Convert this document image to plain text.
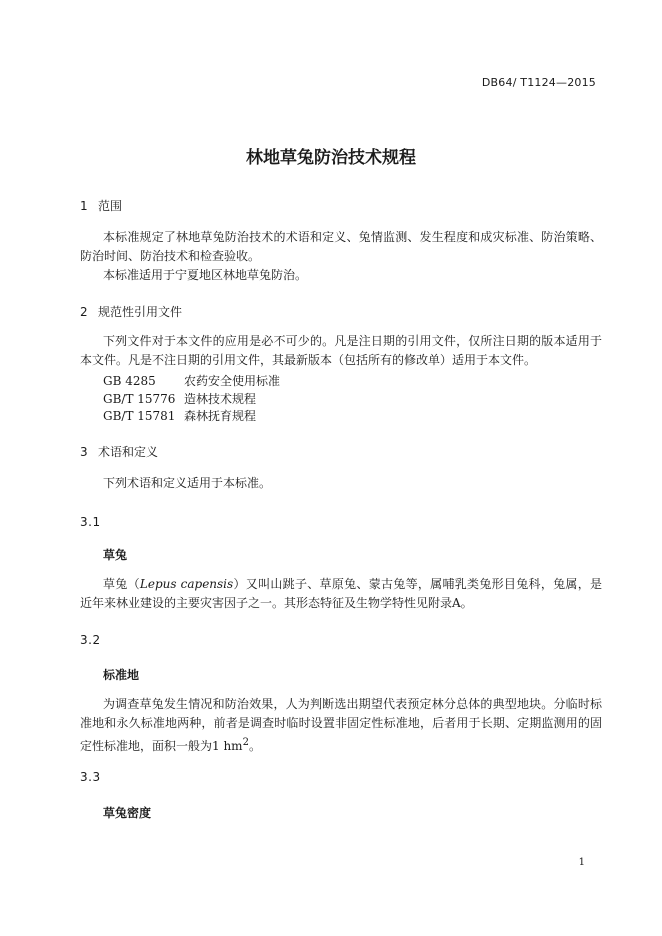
DB64/ T1124—2015
林地草兔防治技术规程
1 范围

本标准规定了林地草兔防治技术的术语和定义、兔情监测、发生程度和成灾标准、防治策略、防治时间、防治技术和检查验收。

本标准适用于宁夏地区林地草兔防治。

2 规范性引用文件

下列文件对于本文件的应用是必不可少的。凡是注日期的引用文件，仅所注日期的版本适用于本文件。凡是不注日期的引用文件，其最新版本（包括所有的修改单）适用于本文件。

GB 4285 农药安全使用标准
GB/T 15776 造林技术规程
GB/T 15781 森林抚育规程
3 术语和定义

下列术语和定义适用于本标准。

3.1
草兔

草兔（Lepus capensis）又叫山跳子、草原兔、蒙古兔等，属哺乳类兔形目兔科，兔属，是近年来林业建设的主要灾害因子之一。其形态特征及生物学特性见附录A。

3.2
标准地

为调查草兔发生情况和防治效果，人为判断选出期望代表预定林分总体的典型地块。分临时标准地和永久标准地两种，前者是调查时临时设置非固定性标准地，后者用于长期、定期监测用的固定性标准地，面积一般为1 $hm^2$。

3.3
草兔密度
1
